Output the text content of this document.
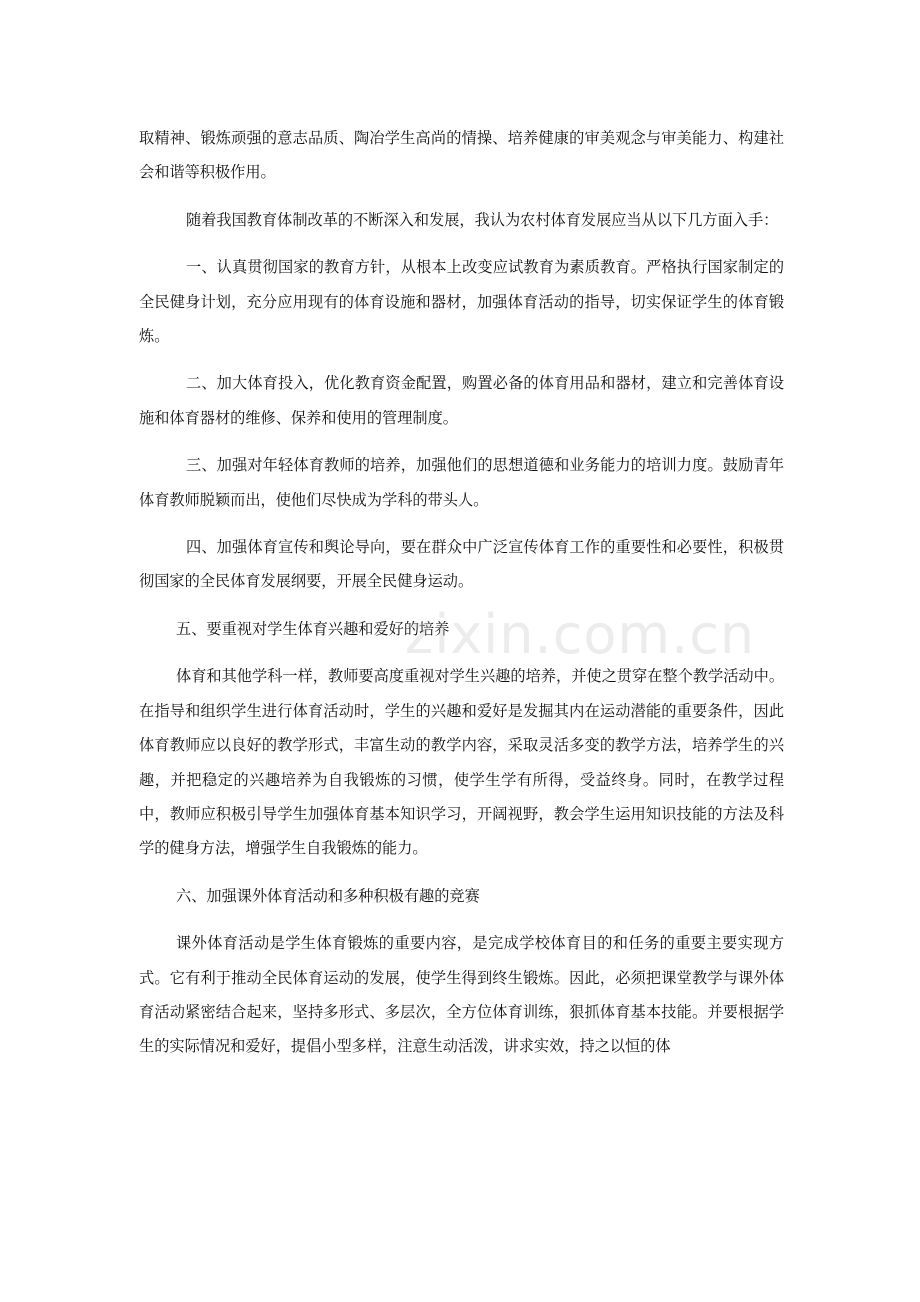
取精神、锻炼顽强的意志品质、陶冶学生高尚的情操、培养健康的审美观念与审美能力、构建社会和谐等积极作用。

随着我国教育体制改革的不断深入和发展，我认为农村体育发展应当从以下几方面入手：

一、认真贯彻国家的教育方针，从根本上改变应试教育为素质教育。严格执行国家制定的全民健身计划，充分应用现有的体育设施和器材，加强体育活动的指导，切实保证学生的体育锻炼。

二、加大体育投入，优化教育资金配置，购置必备的体育用品和器材，建立和完善体育设施和体育器材的维修、保养和使用的管理制度。

三、加强对年轻体育教师的培养，加强他们的思想道德和业务能力的培训力度。鼓励青年体育教师脱颖而出，使他们尽快成为学科的带头人。

四、加强体育宣传和舆论导向，要在群众中广泛宣传体育工作的重要性和必要性，积极贯彻国家的全民体育发展纲要，开展全民健身运动。

五、要重视对学生体育兴趣和爱好的培养

体育和其他学科一样，教师要高度重视对学生兴趣的培养，并使之贯穿在整个教学活动中。在指导和组织学生进行体育活动时，学生的兴趣和爱好是发掘其内在运动潜能的重要条件，因此体育教师应以良好的教学形式，丰富生动的教学内容，采取灵活多变的教学方法，培养学生的兴趣，并把稳定的兴趣培养为自我锻炼的习惯，使学生学有所得，受益终身。同时，在教学过程中，教师应积极引导学生加强体育基本知识学习，开阔视野，教会学生运用知识技能的方法及科学的健身方法，增强学生自我锻炼的能力。

六、加强课外体育活动和多种积极有趣的竞赛

课外体育活动是学生体育锻炼的重要内容，是完成学校体育目的和任务的重要主要实现方式。它有利于推动全民体育运动的发展，使学生得到终生锻炼。因此，必须把课堂教学与课外体育活动紧密结合起来，坚持多形式、多层次，全方位体育训练，狠抓体育基本技能。并要根据学生的实际情况和爱好，提倡小型多样，注意生动活泼，讲求实效，持之以恒的体

zixin.com.cn
